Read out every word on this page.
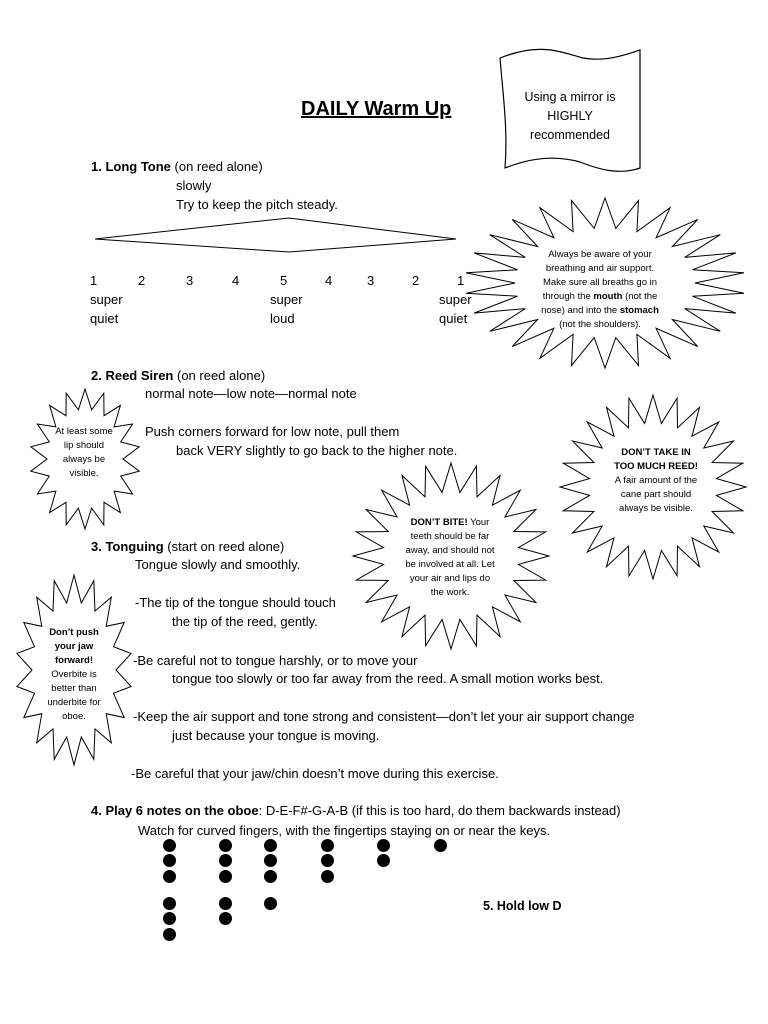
DAILY Warm Up
Using a mirror is HIGHLY recommended
1. Long Tone (on reed alone)
slowly
Try to keep the pitch steady.
1	2	3	4	5	4	3	2	1
super
quiet
super
loud
super
quiet
2. Reed Siren (on reed alone)
normal note—low note—normal note
Push corners forward for low note, pull them
back VERY slightly to go back to the higher note.
3. Tonguing (start on reed alone)
Tongue slowly and smoothly.
-The tip of the tongue should touch
the tip of the reed, gently.
-Be careful not to tongue harshly, or to move your
tongue too slowly or too far away from the reed. A small motion works best.
-Keep the air support and tone strong and consistent—don’t let your air support change
just because your tongue is moving.
-Be careful that your jaw/chin doesn’t move during this exercise.
4. Play 6 notes on the oboe: D-E-F#-G-A-B (if this is too hard, do them backwards instead)
Watch for curved fingers, with the fingertips staying on or near the keys.
5. Hold low D
Always be aware of your breathing and air support. Make sure all breaths go in through the mouth (not the nose) and into the stomach (not the shoulders).
At least some lip should always be visible.
DON’T TAKE IN TOO MUCH REED! A fair amount of the cane part should always be visible.
DON’T BITE! Your teeth should be far away, and should not be involved at all. Let your air and lips do the work.
Don’t push your jaw forward! Overbite is better than underbite for oboe.
